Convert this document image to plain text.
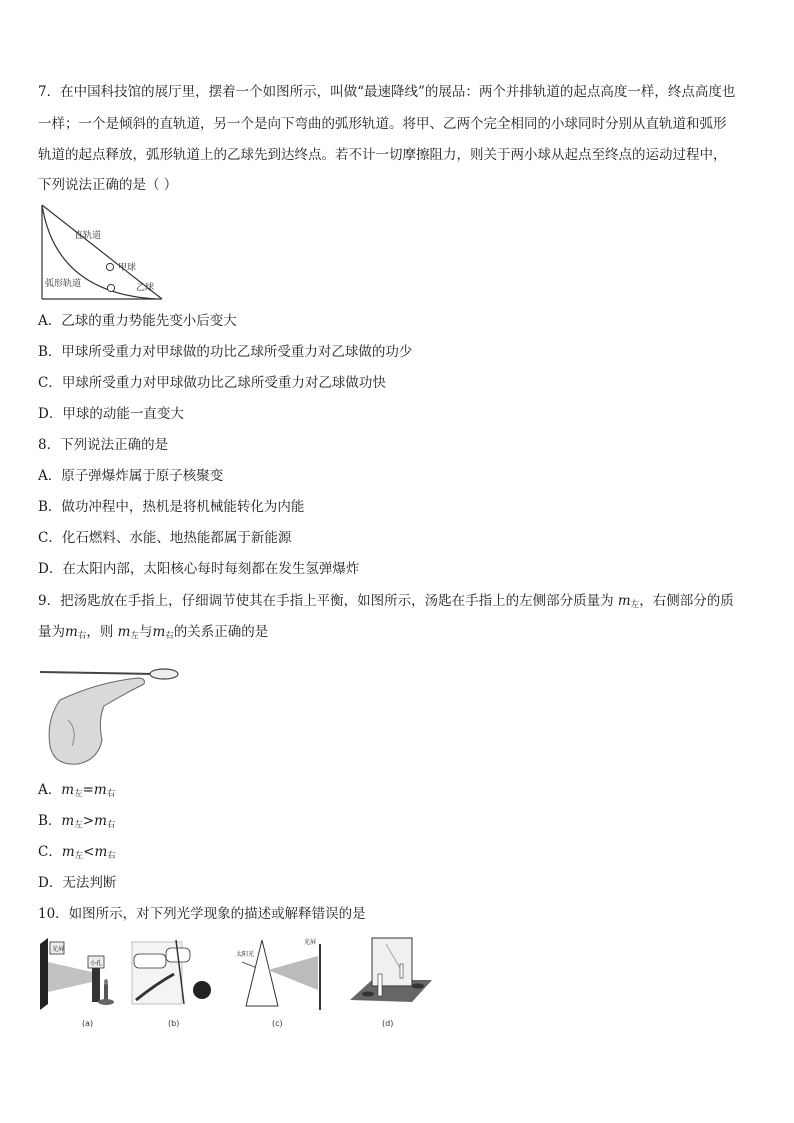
7．在中国科技馆的展厅里，摆着一个如图所示，叫做“最速降线”的展品：两个并排轨道的起点高度一样，终点高度也
一样；一个是倾斜的直轨道，另一个是向下弯曲的弧形轨道。将甲、乙两个完全相同的小球同时分别从直轨道和弧形
轨道的起点释放，弧形轨道上的乙球先到达终点。若不计一切摩擦阻力，则关于两小球从起点至终点的运动过程中，
下列说法正确的是（ ）
直轨道
甲球
弧形轨道	乙球
A．乙球的重力势能先变小后变大
B．甲球所受重力对甲球做的功比乙球所受重力对乙球做的功少
C．甲球所受重力对甲球做功比乙球所受重力对乙球做功快
D．甲球的动能一直变大
8．下列说法正确的是
A．原子弹爆炸属于原子核聚变
B．做功冲程中，热机是将机械能转化为内能
C．化石燃料、水能、地热能都属于新能源
D．在太阳内部，太阳核心每时每刻都在发生氢弹爆炸
9．把汤匙放在手指上，仔细调节使其在手指上平衡，如图所示，汤匙在手指上的左侧部分质量为 $m_左$，右侧部分的质
量为$m_右$，则 $m_左$与$m_右$的关系正确的是
A．$m_左=m_右$
B．$m_左>m_右$
C．$m_左<m_右$
D．无法判断
10．如图所示，对下列光学现象的描述或解释错误的是
光屏
小孔
(a)	(b)
太阳光
光屏
(c)	(d)
